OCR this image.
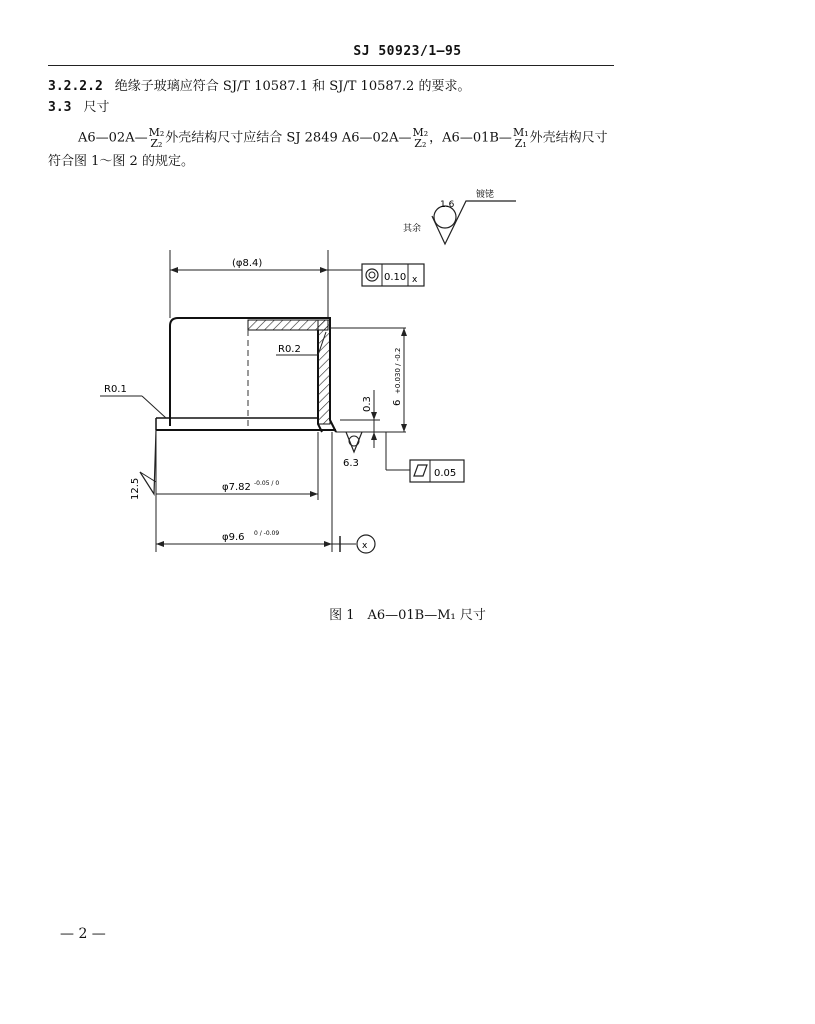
SJ 50923/1—95
3.2.2.2 绝缘子玻璃应符合 SJ/T 10587.1 和 SJ/T 10587.2 的要求。
3.3 尺寸
A6—02A— M₂
Z₂ 外壳结构尺寸应结合 SJ 2849 A6—02A— M₂
Z₂ ，A6—01B— M₁
Z₁ 外壳结构尺寸
符合图 1～图 2 的规定。
1.6
镀铑
其余
(φ8.4)
0.10 x
R0.2
R0.1
6
+0.030 / -0.2
0.3
6.3
0.05
12.5	φ7.82 -0.05 / 0
x
φ9.6 0 / -0.09
图 1　A6—01B—M₁ 尺寸
— 2 —
